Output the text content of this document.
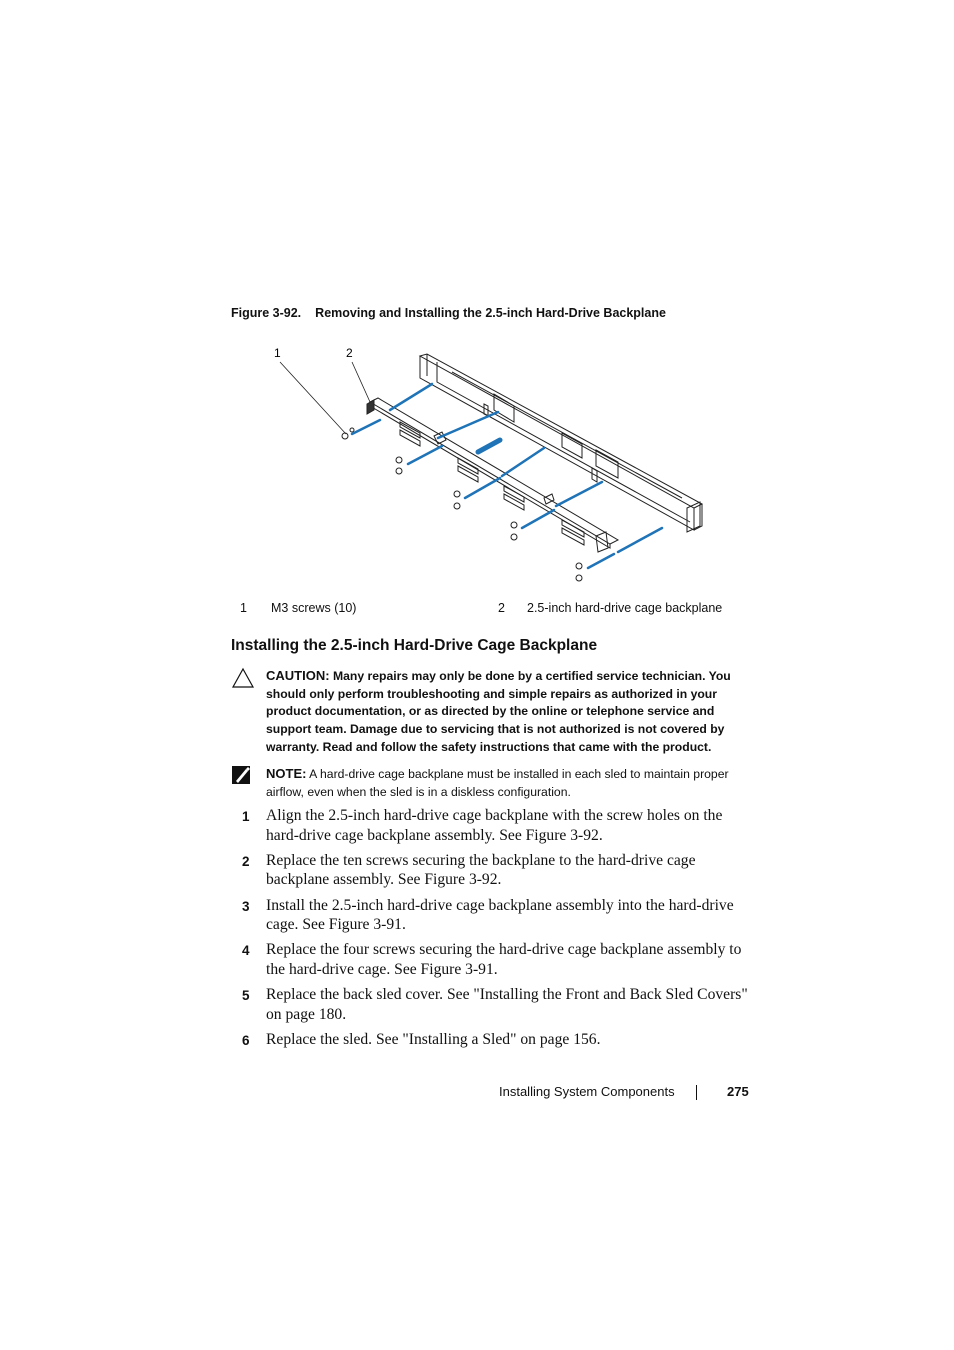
Figure 3-92. Removing and Installing the 2.5-inch Hard-Drive Backplane
1	2
1 M3 screws (10)	2 2.5-inch hard-drive cage backplane
Installing the 2.5-inch Hard-Drive Cage Backplane
CAUTION: Many repairs may only be done by a certified service technician. You should only perform troubleshooting and simple repairs as authorized in your product documentation, or as directed by the online or telephone service and support team. Damage due to servicing that is not authorized is not covered by warranty. Read and follow the safety instructions that came with the product.
NOTE: A hard-drive cage backplane must be installed in each sled to maintain proper airflow, even when the sled is in a diskless configuration.
1 Align the 2.5-inch hard-drive cage backplane with the screw holes on the hard-drive cage backplane assembly. See Figure 3-92.
2 Replace the ten screws securing the backplane to the hard-drive cage backplane assembly. See Figure 3-92.
3 Install the 2.5-inch hard-drive cage backplane assembly into the hard-drive cage. See Figure 3-91.
4 Replace the four screws securing the hard-drive cage backplane assembly to the hard-drive cage. See Figure 3-91.
5 Replace the back sled cover. See "Installing the Front and Back Sled Covers" on page 180.
6 Replace the sled. See "Installing a Sled" on page 156.
Installing System Components	275
